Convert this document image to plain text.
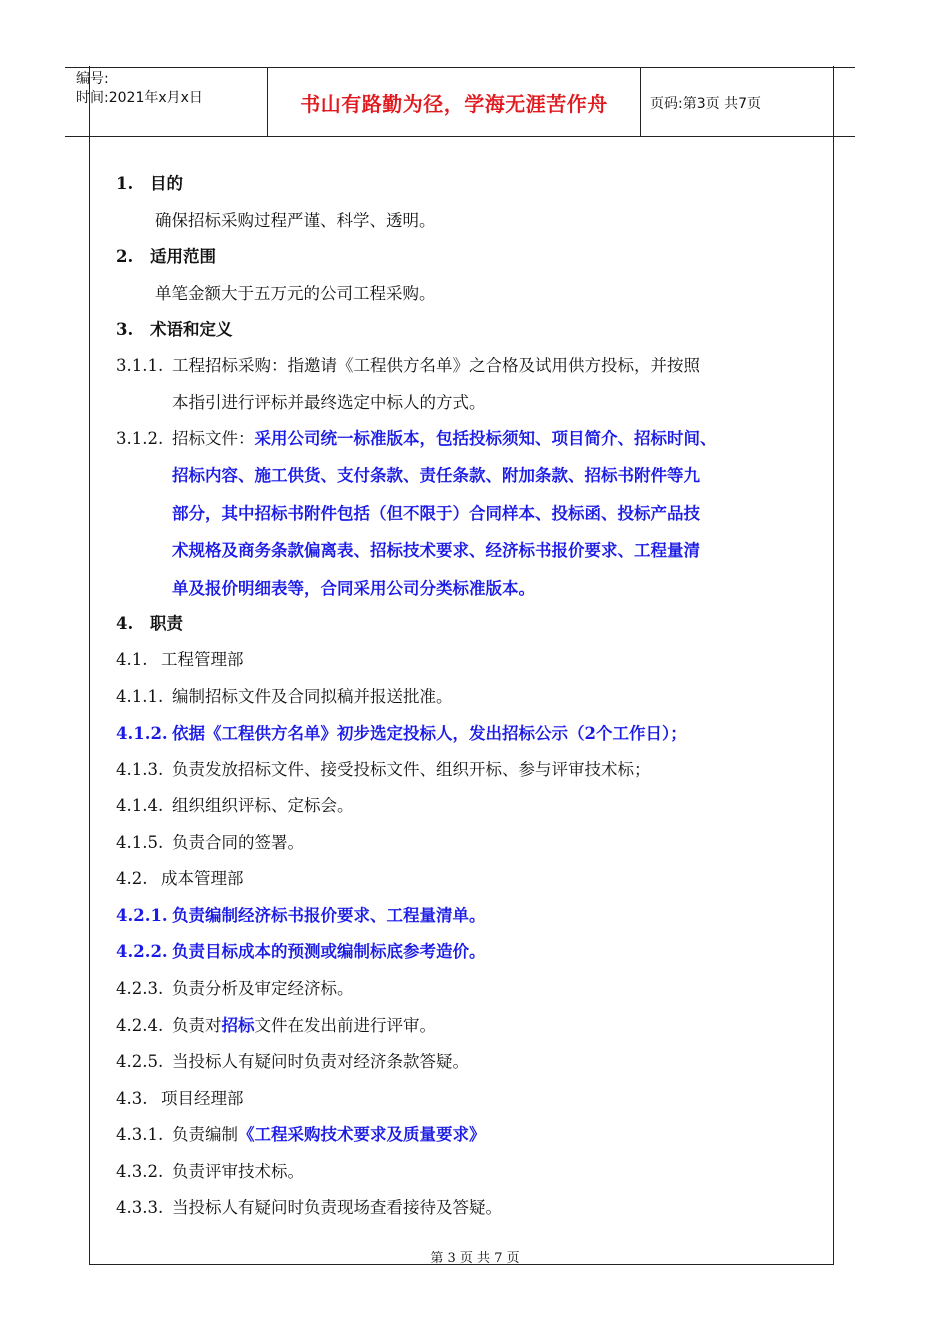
编号:
时间:2021年x月x日	书山有路勤为径，学海无涯苦作舟	页码:第3页 共7页
1. 目的
确保招标采购过程严谨、科学、透明。
2. 适用范围
单笔金额大于五万元的公司工程采购。
3. 术语和定义
3.1.1. 工程招标采购：指邀请《工程供方名单》之合格及试用供方投标，并按照
本指引进行评标并最终选定中标人的方式。
3.1.2. 招标文件：采用公司统一标准版本，包括投标须知、项目简介、招标时间、
招标内容、施工供货、支付条款、责任条款、附加条款、招标书附件等九
部分，其中招标书附件包括（但不限于）合同样本、投标函、投标产品技
术规格及商务条款偏离表、招标技术要求、经济标书报价要求、工程量清
单及报价明细表等，合同采用公司分类标准版本。
4. 职责
4.1. 工程管理部
4.1.1. 编制招标文件及合同拟稿并报送批准。
4.1.2. 依据《工程供方名单》初步选定投标人，发出招标公示（2个工作日）；
4.1.3. 负责发放招标文件、接受投标文件、组织开标、参与评审技术标；
4.1.4. 组织组织评标、定标会。
4.1.5. 负责合同的签署。
4.2. 成本管理部
4.2.1. 负责编制经济标书报价要求、工程量清单。
4.2.2. 负责目标成本的预测或编制标底参考造价。
4.2.3. 负责分析及审定经济标。
4.2.4. 负责对招标文件在发出前进行评审。
4.2.5. 当投标人有疑问时负责对经济条款答疑。
4.3. 项目经理部
4.3.1. 负责编制《工程采购技术要求及质量要求》
4.3.2. 负责评审技术标。
4.3.3. 当投标人有疑问时负责现场查看接待及答疑。
第 3 页 共 7 页
